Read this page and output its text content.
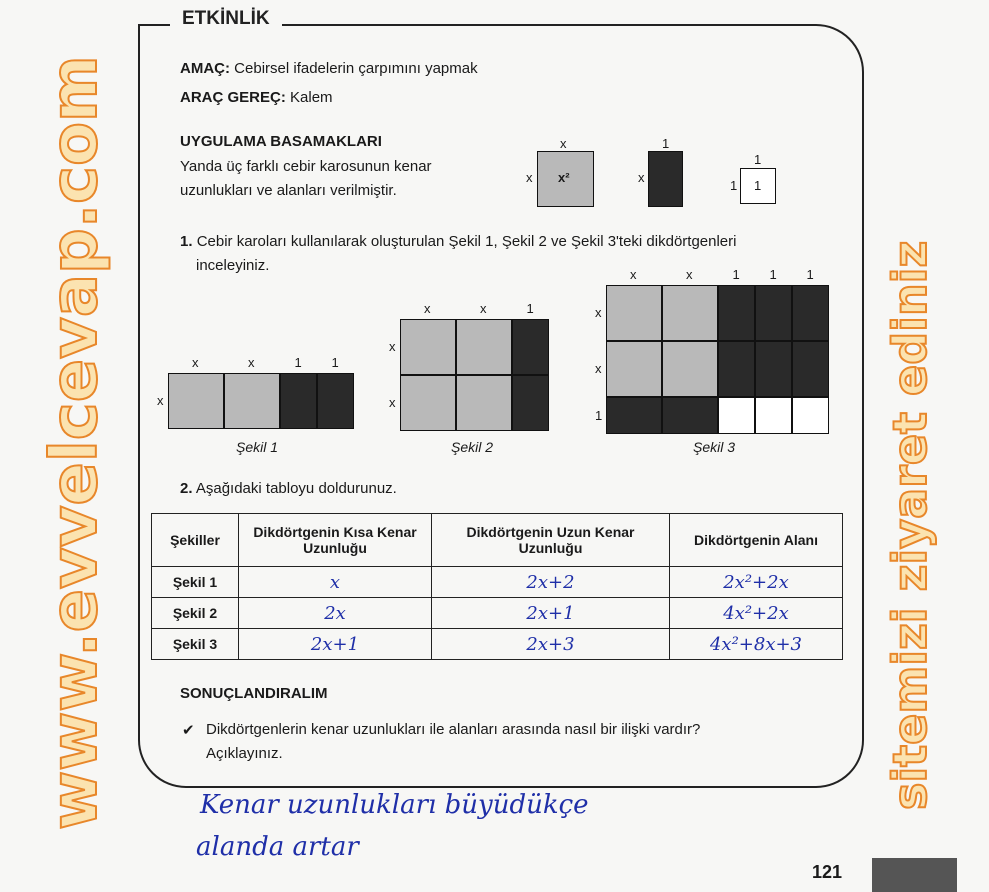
ETKİNLİK
AMAÇ: Cebirsel ifadelerin çarpımını yapmak
ARAÇ GEREÇ: Kalem
UYGULAMA BASAMAKLARI
Yanda üç farklı cebir karosunun kenar
uzunlukları ve alanları verilmiştir.
x²
x
x
1
x
1
1
1
1. Cebir karoları kullanılarak oluşturulan Şekil 1, Şekil 2 ve Şekil 3'teki dikdörtgenleri
inceleyiniz.
x	x	1 1
x
Şekil 1
x	x	1
x
x
Şekil 2
x	x	1 1 1
x
x
1
Şekil 3
2. Aşağıdaki tabloyu doldurunuz.
Şekiller	Dikdörtgenin Kısa Kenar Uzunluğu	Dikdörtgenin Uzun Kenar Uzunluğu	Dikdörtgenin Alanı
Şekil 1	x	2x+2	2x²+2x
Şekil 2	2x	2x+1	4x²+2x
Şekil 3	2x+1	2x+3	4x²+8x+3
SONUÇLANDIRALIM
✔ Dikdörtgenlerin kenar uzunlukları ile alanları arasında nasıl bir ilişki vardır?
Açıklayınız.
Kenar uzunlukları büyüdükçe
alanda artar
www.evvelcevap.com	sitemizi ziyaret ediniz
121
